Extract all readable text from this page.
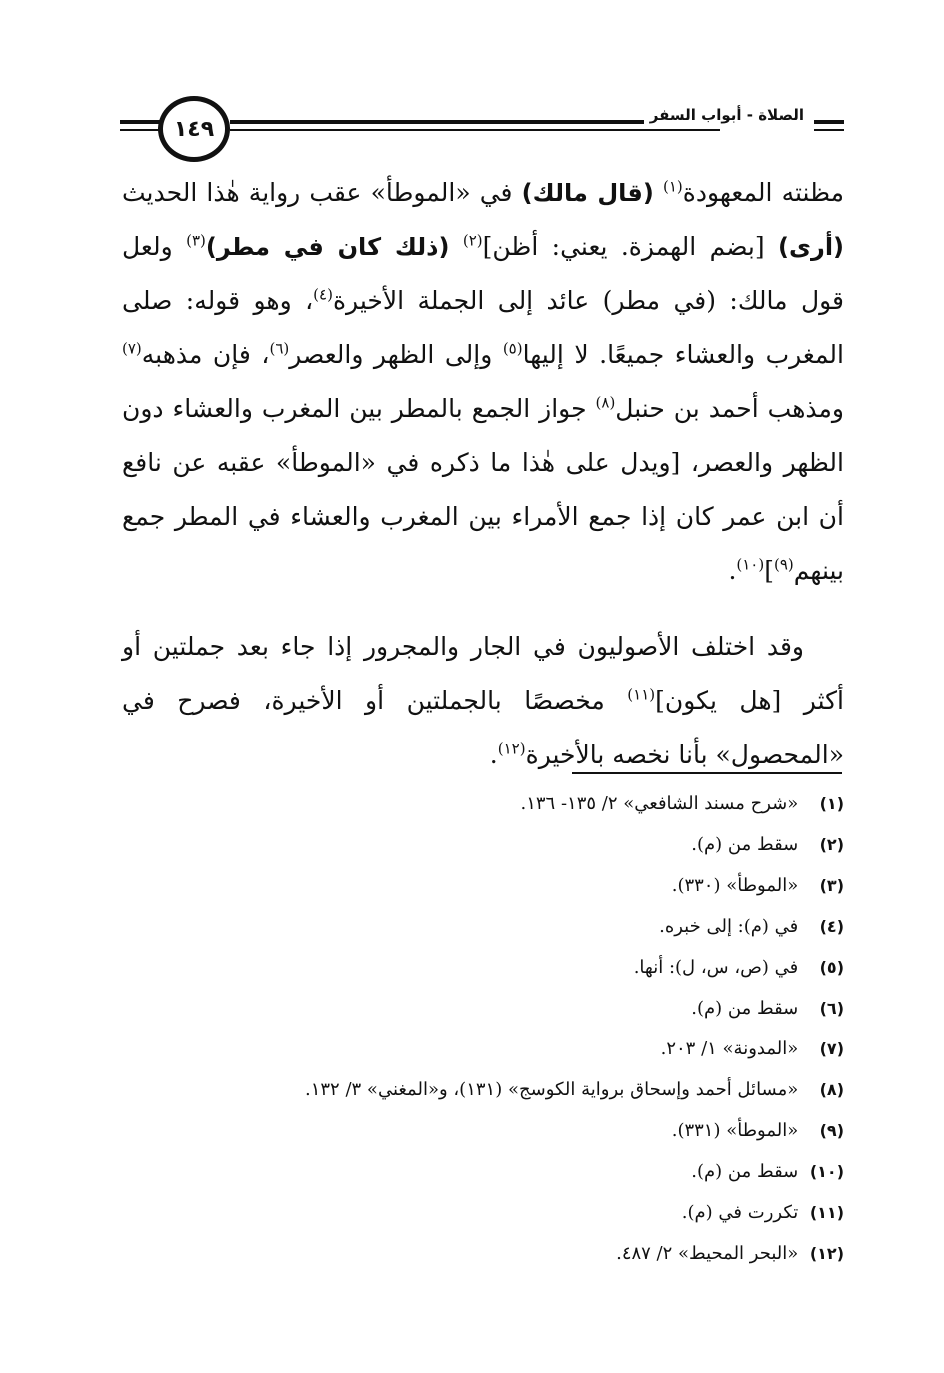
١٤٩
الصلاة - أبواب السفر

مظنته المعهودة$^{(١)}$ (قال مالك) في «الموطأ» عقب رواية هٰذا الحديث (أرى) [بضم الهمزة. يعني: أظن]$^{(٢)}$ (ذلك كان في مطر)$^{(٣)}$ ولعل قول مالك: (في مطر) عائد إلى الجملة الأخيرة$^{(٤)}$، وهو قوله: صلى المغرب والعشاء جميعًا. لا إليها$^{(٥)}$ وإلى الظهر والعصر$^{(٦)}$، فإن مذهبه$^{(٧)}$ ومذهب أحمد بن حنبل$^{(٨)}$ جواز الجمع بالمطر بين المغرب والعشاء دون الظهر والعصر، [ويدل على هٰذا ما ذكره في «الموطأ» عقبه عن نافع أن ابن عمر كان إذا جمع الأمراء بين المغرب والعشاء في المطر جمع بينهم$^{(٩)}$]$^{(١٠)}$.

وقد اختلف الأصوليون في الجار والمجرور إذا جاء بعد جملتين أو أكثر [هل يكون]$^{(١١)}$ مخصصًا بالجملتين أو الأخيرة، فصرح في «المحصول» بأنا نخصه بالأخيرة$^{(١٢)}$.

(١) «شرح مسند الشافعي» ٢/ ١٣٥- ١٣٦.
(٢) سقط من (م).
(٣) «الموطأ» (٣٣٠).
(٤) في (م): إلى خبره.
(٥) في (ص، س، ل): أنها.
(٦) سقط من (م).
(٧) «المدونة» ١/ ٢٠٣.
(٨) «مسائل أحمد وإسحاق برواية الكوسج» (١٣١)، و«المغني» ٣/ ١٣٢.
(٩) «الموطأ» (٣٣١).
(١٠) سقط من (م).
(١١) تكررت في (م).
(١٢) «البحر المحيط» ٢/ ٤٨٧.
